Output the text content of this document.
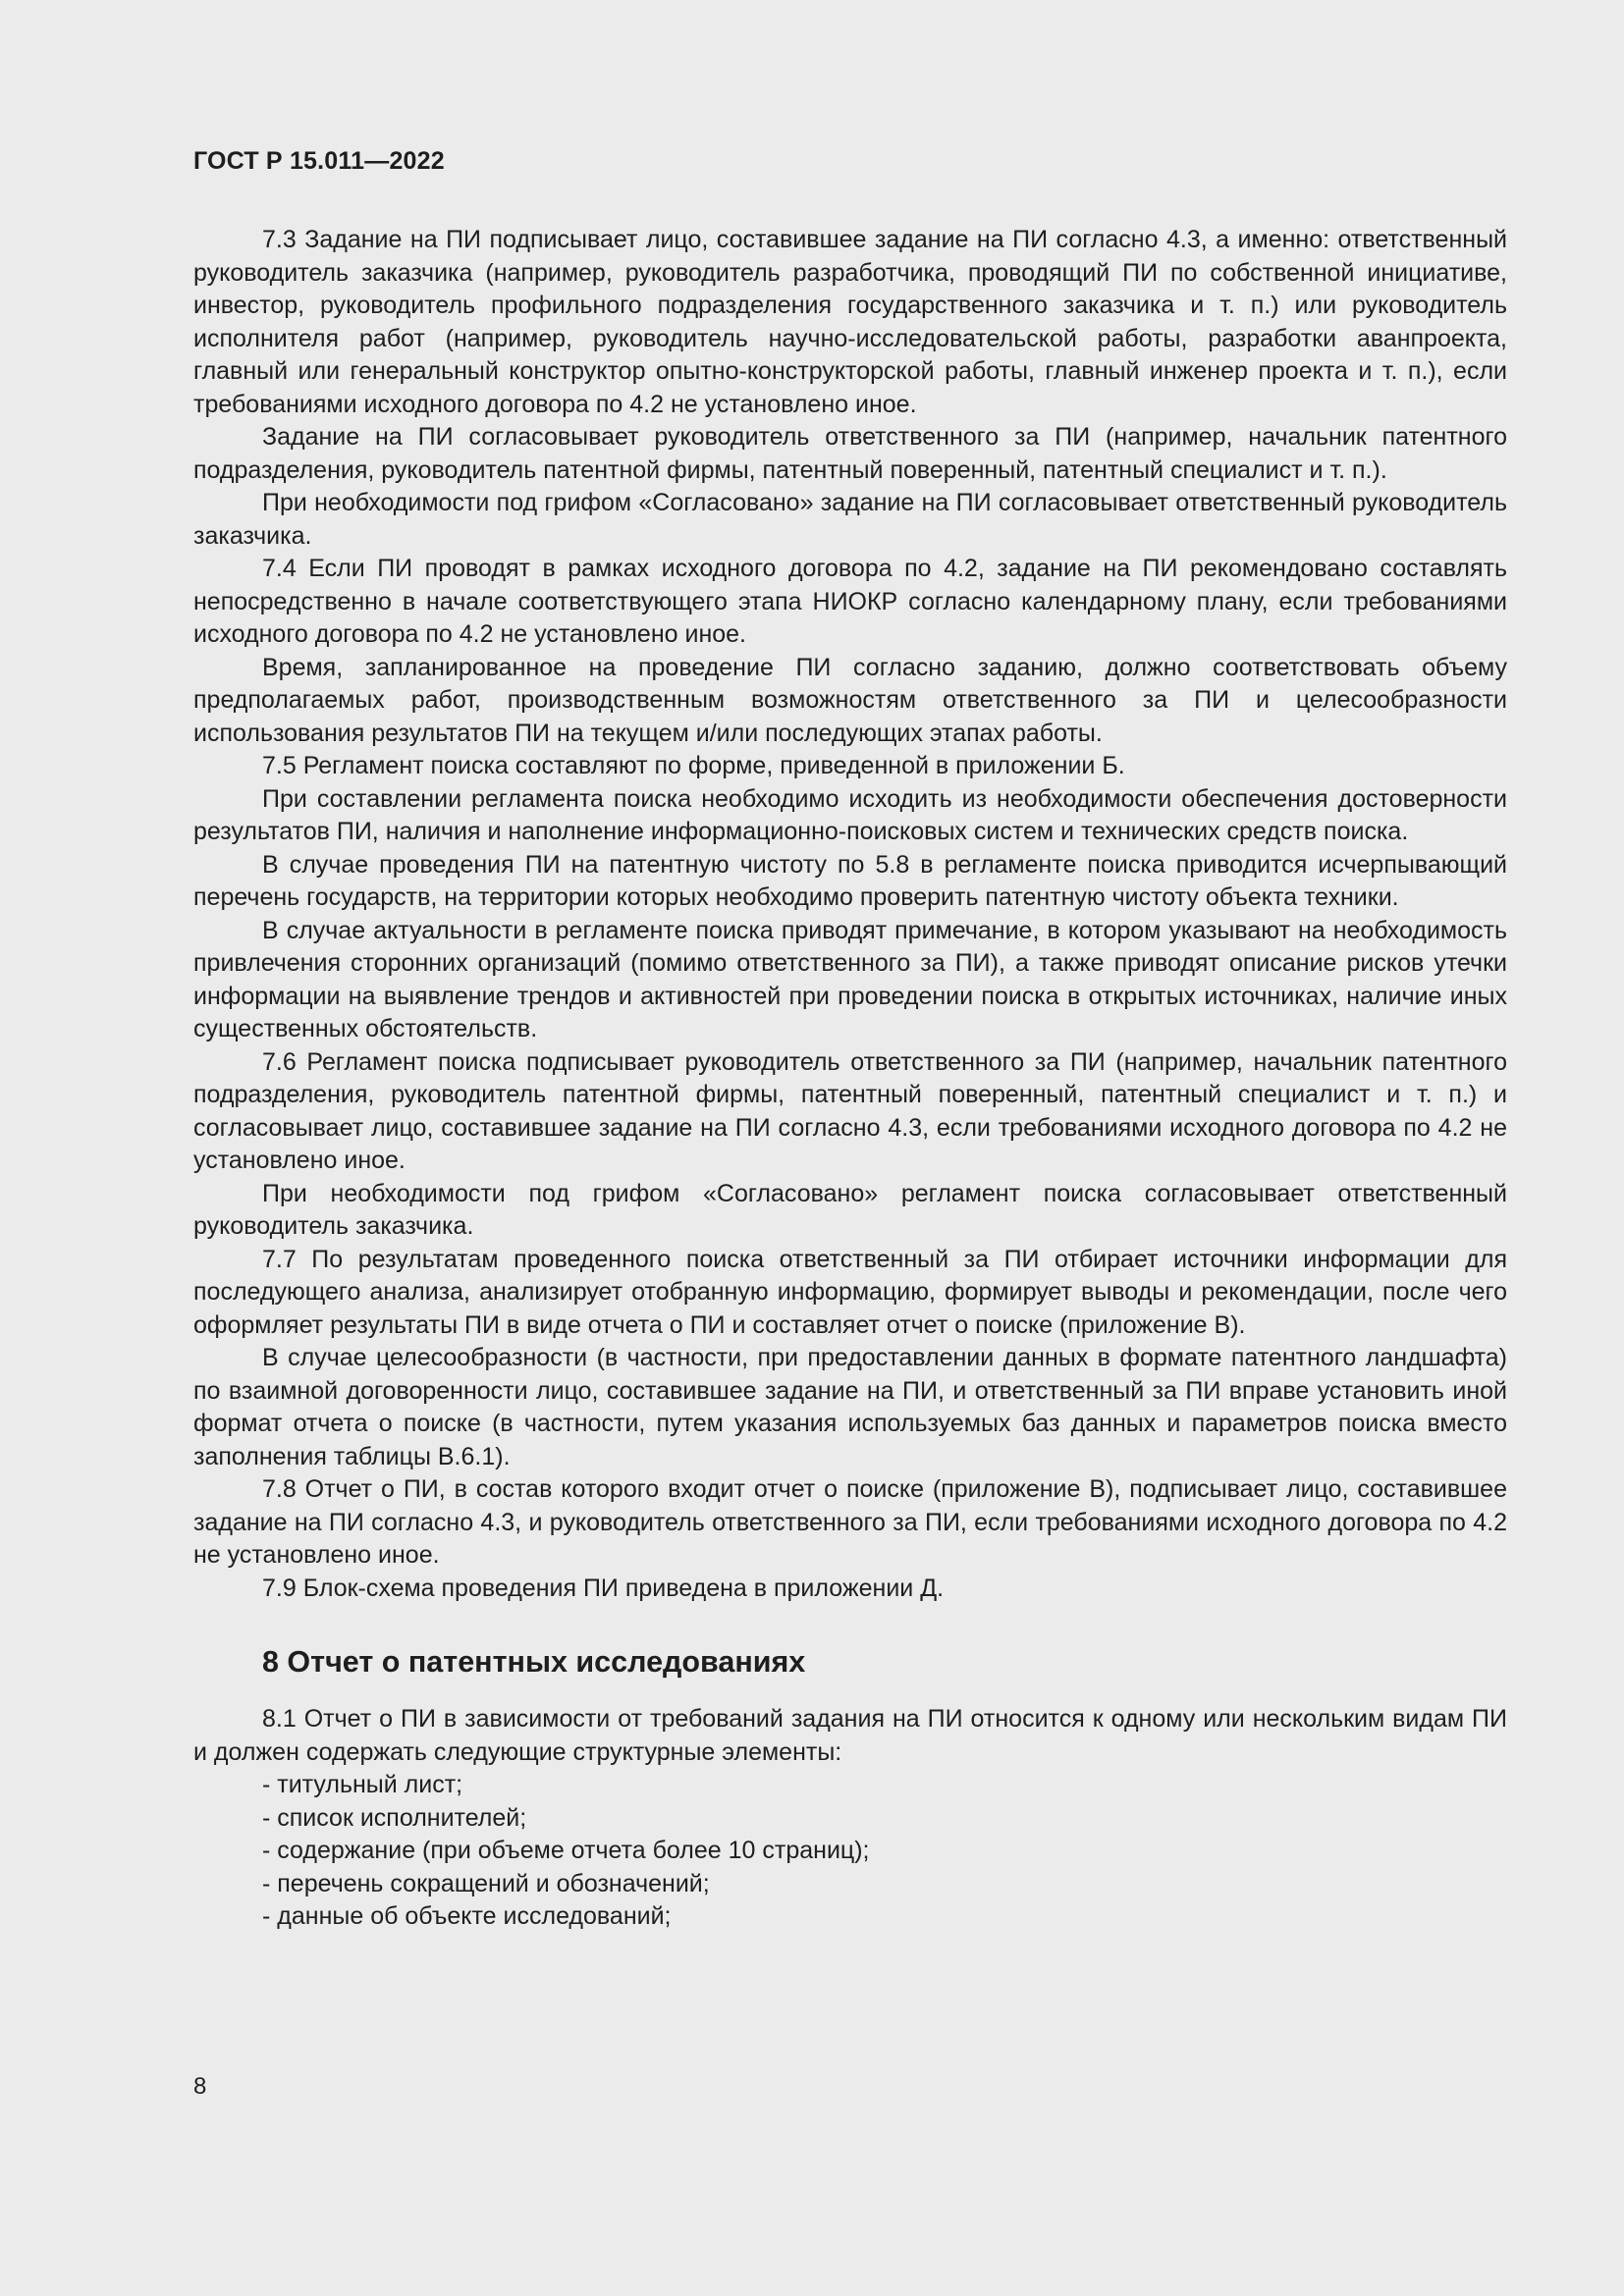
ГОСТ Р 15.011—2022

7.3 Задание на ПИ подписывает лицо, составившее задание на ПИ согласно 4.3, а именно: ответственный руководитель заказчика (например, руководитель разработчика, проводящий ПИ по собственной инициативе, инвестор, руководитель профильного подразделения государственного заказчика и т. п.) или руководитель исполнителя работ (например, руководитель научно-исследовательской работы, разработки аванпроекта, главный или генеральный конструктор опытно-конструкторской работы, главный инженер проекта и т. п.), если требованиями исходного договора по 4.2 не установлено иное.

Задание на ПИ согласовывает руководитель ответственного за ПИ (например, начальник патентного подразделения, руководитель патентной фирмы, патентный поверенный, патентный специалист и т. п.).

При необходимости под грифом «Согласовано» задание на ПИ согласовывает ответственный руководитель заказчика.

7.4 Если ПИ проводят в рамках исходного договора по 4.2, задание на ПИ рекомендовано составлять непосредственно в начале соответствующего этапа НИОКР согласно календарному плану, если требованиями исходного договора по 4.2 не установлено иное.

Время, запланированное на проведение ПИ согласно заданию, должно соответствовать объему предполагаемых работ, производственным возможностям ответственного за ПИ и целесообразности использования результатов ПИ на текущем и/или последующих этапах работы.

7.5 Регламент поиска составляют по форме, приведенной в приложении Б.

При составлении регламента поиска необходимо исходить из необходимости обеспечения достоверности результатов ПИ, наличия и наполнение информационно-поисковых систем и технических средств поиска.

В случае проведения ПИ на патентную чистоту по 5.8 в регламенте поиска приводится исчерпывающий перечень государств, на территории которых необходимо проверить патентную чистоту объекта техники.

В случае актуальности в регламенте поиска приводят примечание, в котором указывают на необходимость привлечения сторонних организаций (помимо ответственного за ПИ), а также приводят описание рисков утечки информации на выявление трендов и активностей при проведении поиска в открытых источниках, наличие иных существенных обстоятельств.

7.6 Регламент поиска подписывает руководитель ответственного за ПИ (например, начальник патентного подразделения, руководитель патентной фирмы, патентный поверенный, патентный специалист и т. п.) и согласовывает лицо, составившее задание на ПИ согласно 4.3, если требованиями исходного договора по 4.2 не установлено иное.

При необходимости под грифом «Согласовано» регламент поиска согласовывает ответственный руководитель заказчика.

7.7 По результатам проведенного поиска ответственный за ПИ отбирает источники информации для последующего анализа, анализирует отобранную информацию, формирует выводы и рекомендации, после чего оформляет результаты ПИ в виде отчета о ПИ и составляет отчет о поиске (приложение В).

В случае целесообразности (в частности, при предоставлении данных в формате патентного ландшафта) по взаимной договоренности лицо, составившее задание на ПИ, и ответственный за ПИ вправе установить иной формат отчета о поиске (в частности, путем указания используемых баз данных и параметров поиска вместо заполнения таблицы В.6.1).

7.8 Отчет о ПИ, в состав которого входит отчет о поиске (приложение В), подписывает лицо, составившее задание на ПИ согласно 4.3, и руководитель ответственного за ПИ, если требованиями исходного договора по 4.2 не установлено иное.

7.9 Блок-схема проведения ПИ приведена в приложении Д.

8 Отчет о патентных исследованиях

8.1 Отчет о ПИ в зависимости от требований задания на ПИ относится к одному или нескольким видам ПИ и должен содержать следующие структурные элементы:

- титульный лист;
- список исполнителей;
- содержание (при объеме отчета более 10 страниц);
- перечень сокращений и обозначений;
- данные об объекте исследований;
8
